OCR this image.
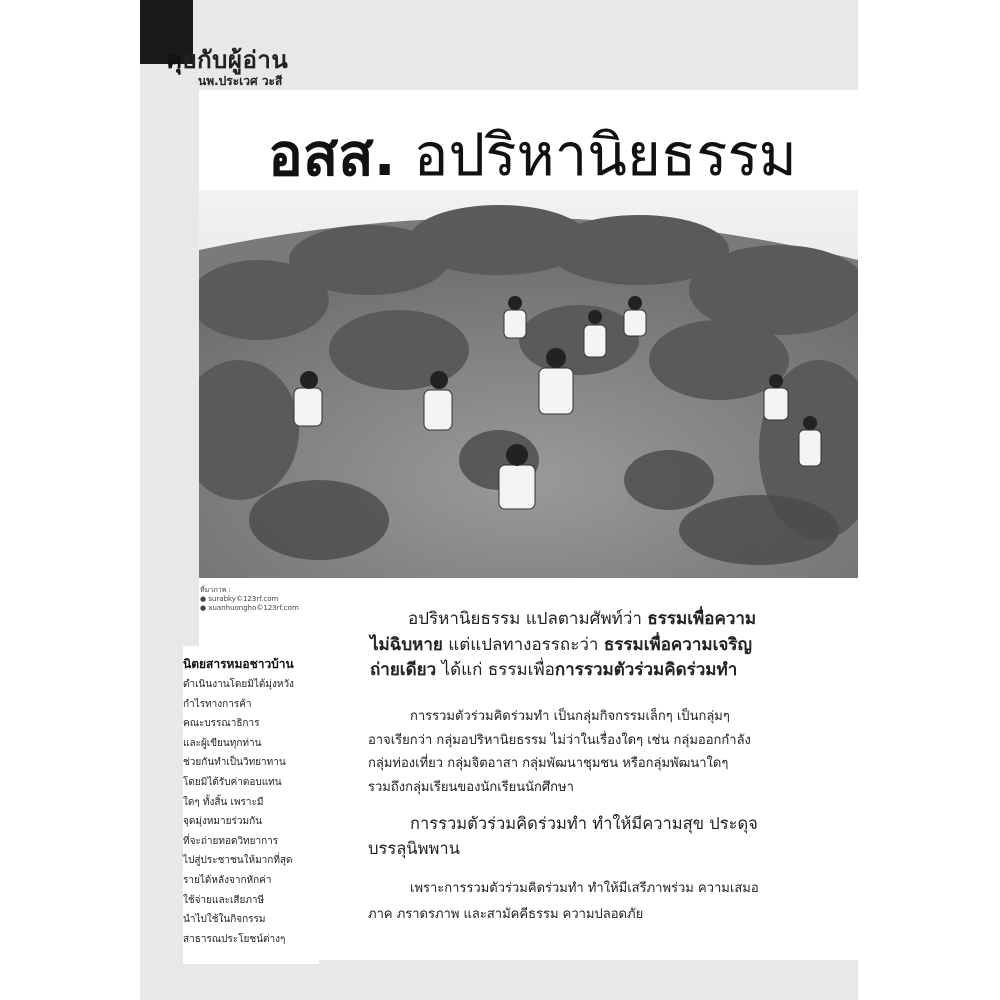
คุยกับผู้อ่าน
นพ.ประเวศ วะสี
อสส. อปริหานิยธรรม
ที่มาภาพ :
● surabky©123rf.com
● xuanhuongho©123rf.com
นิตยสารหมอชาวบ้าน
ดำเนินงานโดยมิได้มุ่งหวัง
กำไรทางการค้า
คณะบรรณาธิการ
และผู้เขียนทุกท่าน
ช่วยกันทำเป็นวิทยาทาน
โดยมิได้รับค่าตอบแทน
ใดๆ ทั้งสิ้น เพราะมี
จุดมุ่งหมายร่วมกัน
ที่จะถ่ายทอดวิทยาการ
ไปสู่ประชาชนให้มากที่สุด
รายได้หลังจากหักค่า
ใช้จ่ายและเสียภาษี
นำไปใช้ในกิจกรรม
สาธารณประโยชน์ต่างๆ
อปริหานิยธรรม แปลตามศัพท์ว่า ธรรมเพื่อความ
ไม่ฉิบหาย แต่แปลทางอรรถะว่า ธรรมเพื่อความเจริญ
ถ่ายเดียว ได้แก่ ธรรมเพื่อการรวมตัวร่วมคิดร่วมทำ
การรวมตัวร่วมคิดร่วมทำ เป็นกลุ่มกิจกรรมเล็กๆ เป็นกลุ่มๆ
อาจเรียกว่า กลุ่มอปริหานิยธรรม ไม่ว่าในเรื่องใดๆ เช่น กลุ่มออกกำลัง
กลุ่มท่องเที่ยว กลุ่มจิตอาสา กลุ่มพัฒนาชุมชน หรือกลุ่มพัฒนาใดๆ
รวมถึงกลุ่มเรียนของนักเรียนนักศึกษา
การรวมตัวร่วมคิดร่วมทำ ทำให้มีความสุข ประดุจ
บรรลุนิพพาน
เพราะการรวมตัวร่วมคิดร่วมทำ ทำให้มีเสรีภาพร่วม ความเสมอ
ภาค ภราดรภาพ และสามัคคีธรรม ความปลอดภัย
